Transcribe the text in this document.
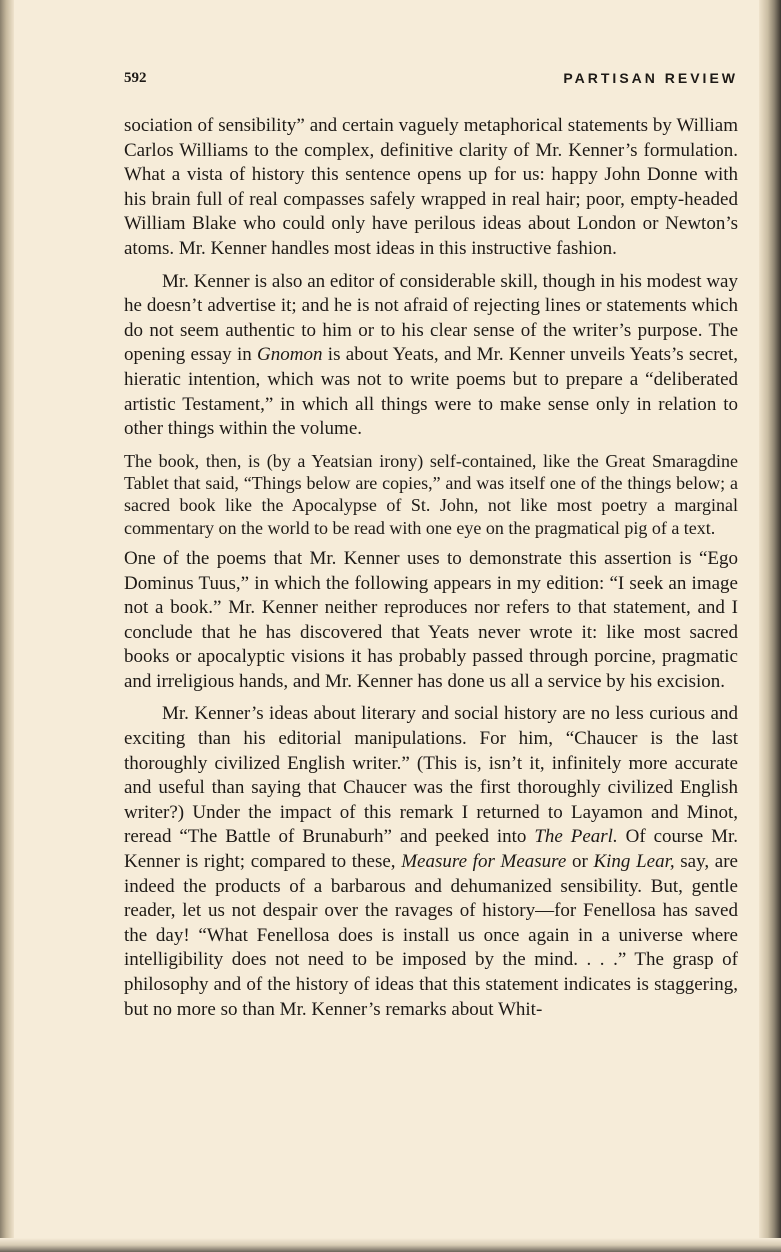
592	PARTISAN REVIEW

sociation of sensibility” and certain vaguely metaphorical statements by William Carlos Williams to the complex, definitive clarity of Mr. Kenner’s formulation. What a vista of history this sentence opens up for us: happy John Donne with his brain full of real compasses safely wrapped in real hair; poor, empty-headed William Blake who could only have perilous ideas about London or Newton’s atoms. Mr. Kenner handles most ideas in this instructive fashion.

Mr. Kenner is also an editor of considerable skill, though in his modest way he doesn’t advertise it; and he is not afraid of rejecting lines or statements which do not seem authentic to him or to his clear sense of the writer’s purpose. The opening essay in Gnomon is about Yeats, and Mr. Kenner unveils Yeats’s secret, hieratic intention, which was not to write poems but to prepare a “deliberated artistic Testament,” in which all things were to make sense only in relation to other things within the volume.

The book, then, is (by a Yeatsian irony) self-contained, like the Great Smaragdine Tablet that said, “Things below are copies,” and was itself one of the things below; a sacred book like the Apocalypse of St. John, not like most poetry a marginal commentary on the world to be read with one eye on the pragmatical pig of a text.

One of the poems that Mr. Kenner uses to demonstrate this assertion is “Ego Dominus Tuus,” in which the following appears in my edition: “I seek an image not a book.” Mr. Kenner neither reproduces nor refers to that statement, and I conclude that he has discovered that Yeats never wrote it: like most sacred books or apocalyptic visions it has probably passed through porcine, pragmatic and irreligious hands, and Mr. Kenner has done us all a service by his excision.

Mr. Kenner’s ideas about literary and social history are no less curious and exciting than his editorial manipulations. For him, “Chaucer is the last thoroughly civilized English writer.” (This is, isn’t it, infinitely more accurate and useful than saying that Chaucer was the first thoroughly civilized English writer?) Under the impact of this remark I returned to Layamon and Minot, reread “The Battle of Brunaburh” and peeked into The Pearl. Of course Mr. Kenner is right; compared to these, Measure for Measure or King Lear, say, are indeed the products of a barbarous and dehumanized sensibility. But, gentle reader, let us not despair over the ravages of history—for Fenellosa has saved the day! “What Fenellosa does is install us once again in a universe where intelligibility does not need to be imposed by the mind. . . .” The grasp of philosophy and of the history of ideas that this statement indicates is staggering, but no more so than Mr. Kenner’s remarks about Whit-
